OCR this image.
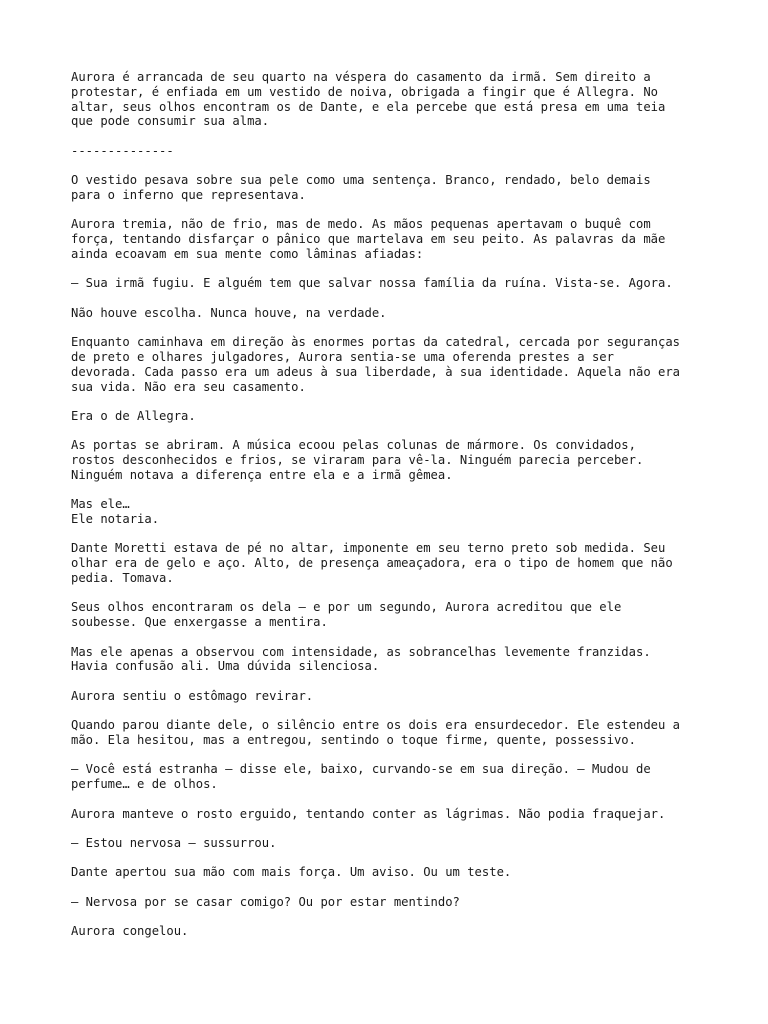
Aurora é arrancada de seu quarto na véspera do casamento da irmã. Sem direito a
protestar, é enfiada em um vestido de noiva, obrigada a fingir que é Allegra. No
altar, seus olhos encontram os de Dante, e ela percebe que está presa em uma teia
que pode consumir sua alma.

--------------

O vestido pesava sobre sua pele como uma sentença. Branco, rendado, belo demais
para o inferno que representava.

Aurora tremia, não de frio, mas de medo. As mãos pequenas apertavam o buquê com
força, tentando disfarçar o pânico que martelava em seu peito. As palavras da mãe
ainda ecoavam em sua mente como lâminas afiadas:

— Sua irmã fugiu. E alguém tem que salvar nossa família da ruína. Vista-se. Agora.

Não houve escolha. Nunca houve, na verdade.

Enquanto caminhava em direção às enormes portas da catedral, cercada por seguranças
de preto e olhares julgadores, Aurora sentia-se uma oferenda prestes a ser
devorada. Cada passo era um adeus à sua liberdade, à sua identidade. Aquela não era
sua vida. Não era seu casamento.

Era o de Allegra.

As portas se abriram. A música ecoou pelas colunas de mármore. Os convidados,
rostos desconhecidos e frios, se viraram para vê-la. Ninguém parecia perceber.
Ninguém notava a diferença entre ela e a irmã gêmea.

Mas ele…
Ele notaria.

Dante Moretti estava de pé no altar, imponente em seu terno preto sob medida. Seu
olhar era de gelo e aço. Alto, de presença ameaçadora, era o tipo de homem que não
pedia. Tomava.

Seus olhos encontraram os dela — e por um segundo, Aurora acreditou que ele
soubesse. Que enxergasse a mentira.

Mas ele apenas a observou com intensidade, as sobrancelhas levemente franzidas.
Havia confusão ali. Uma dúvida silenciosa.

Aurora sentiu o estômago revirar.

Quando parou diante dele, o silêncio entre os dois era ensurdecedor. Ele estendeu a
mão. Ela hesitou, mas a entregou, sentindo o toque firme, quente, possessivo.

— Você está estranha — disse ele, baixo, curvando-se em sua direção. — Mudou de
perfume… e de olhos.

Aurora manteve o rosto erguido, tentando conter as lágrimas. Não podia fraquejar.

— Estou nervosa — sussurrou.

Dante apertou sua mão com mais força. Um aviso. Ou um teste.

— Nervosa por se casar comigo? Ou por estar mentindo?

Aurora congelou.
